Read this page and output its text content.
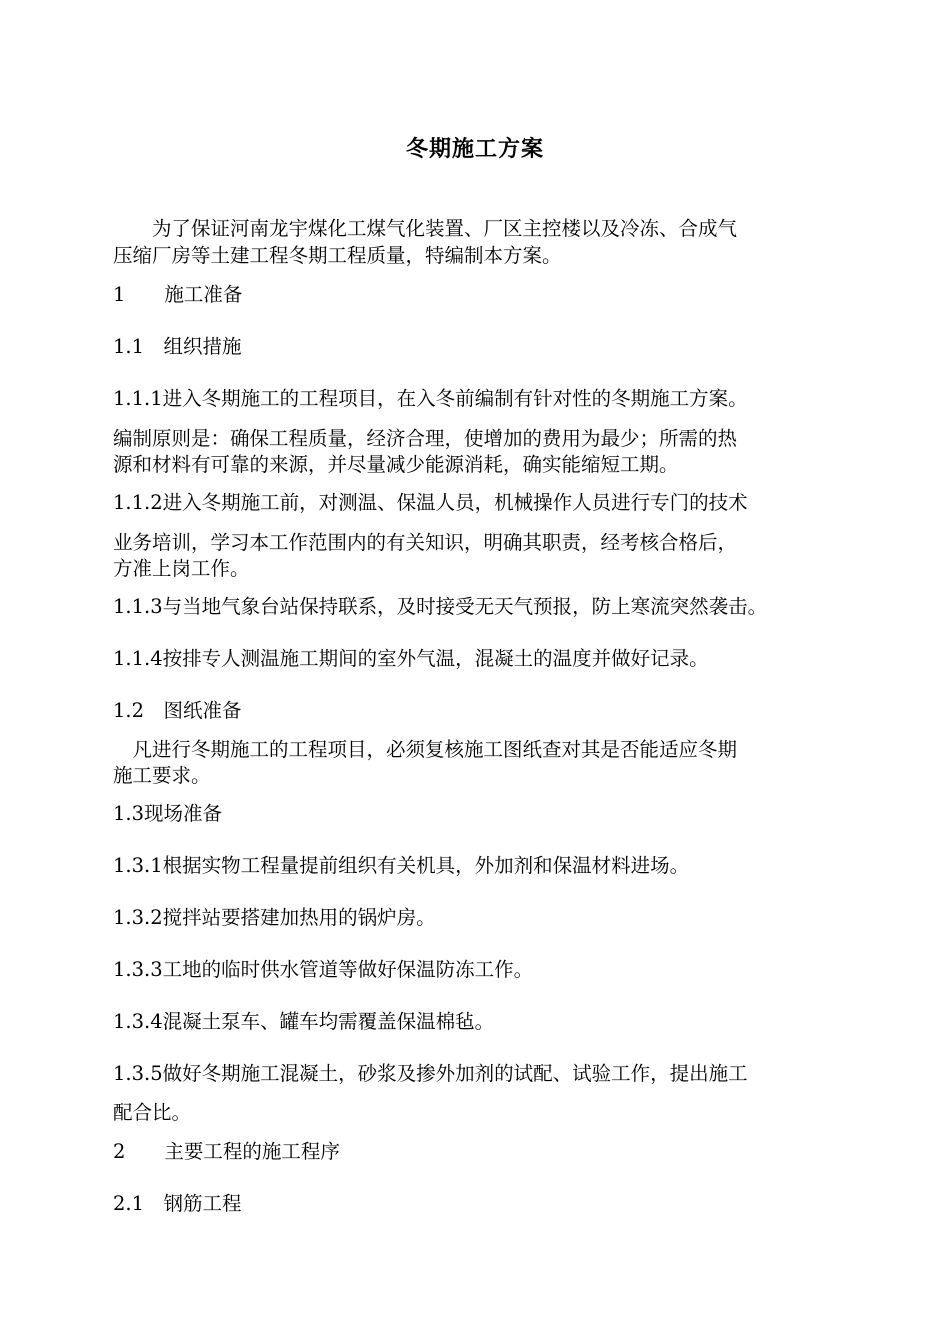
冬期施工方案
　　为了保证河南龙宇煤化工煤气化装置、厂区主控楼以及冷冻、合成气
压缩厂房等土建工程冬期工程质量，特编制本方案。
1　　施工准备
1.1　组织措施
1.1.1进入冬期施工的工程项目，在入冬前编制有针对性的冬期施工方案。
编制原则是：确保工程质量，经济合理，使增加的费用为最少；所需的热
源和材料有可靠的来源，并尽量减少能源消耗，确实能缩短工期。
1.1.2进入冬期施工前，对测温、保温人员，机械操作人员进行专门的技术
业务培训，学习本工作范围内的有关知识，明确其职责，经考核合格后，
方准上岗工作。
1.1.3与当地气象台站保持联系，及时接受无天气预报，防上寒流突然袭击。
1.1.4按排专人测温施工期间的室外气温，混凝土的温度并做好记录。
1.2　图纸准备
　凡进行冬期施工的工程项目，必须复核施工图纸查对其是否能适应冬期
施工要求。
1.3现场准备
1.3.1根据实物工程量提前组织有关机具，外加剂和保温材料进场。
1.3.2搅拌站要搭建加热用的锅炉房。
1.3.3工地的临时供水管道等做好保温防冻工作。
1.3.4混凝土泵车、罐车均需覆盖保温棉毡。
1.3.5做好冬期施工混凝土，砂浆及掺外加剂的试配、试验工作，提出施工
配合比。
2　　主要工程的施工程序
2.1　钢筋工程
